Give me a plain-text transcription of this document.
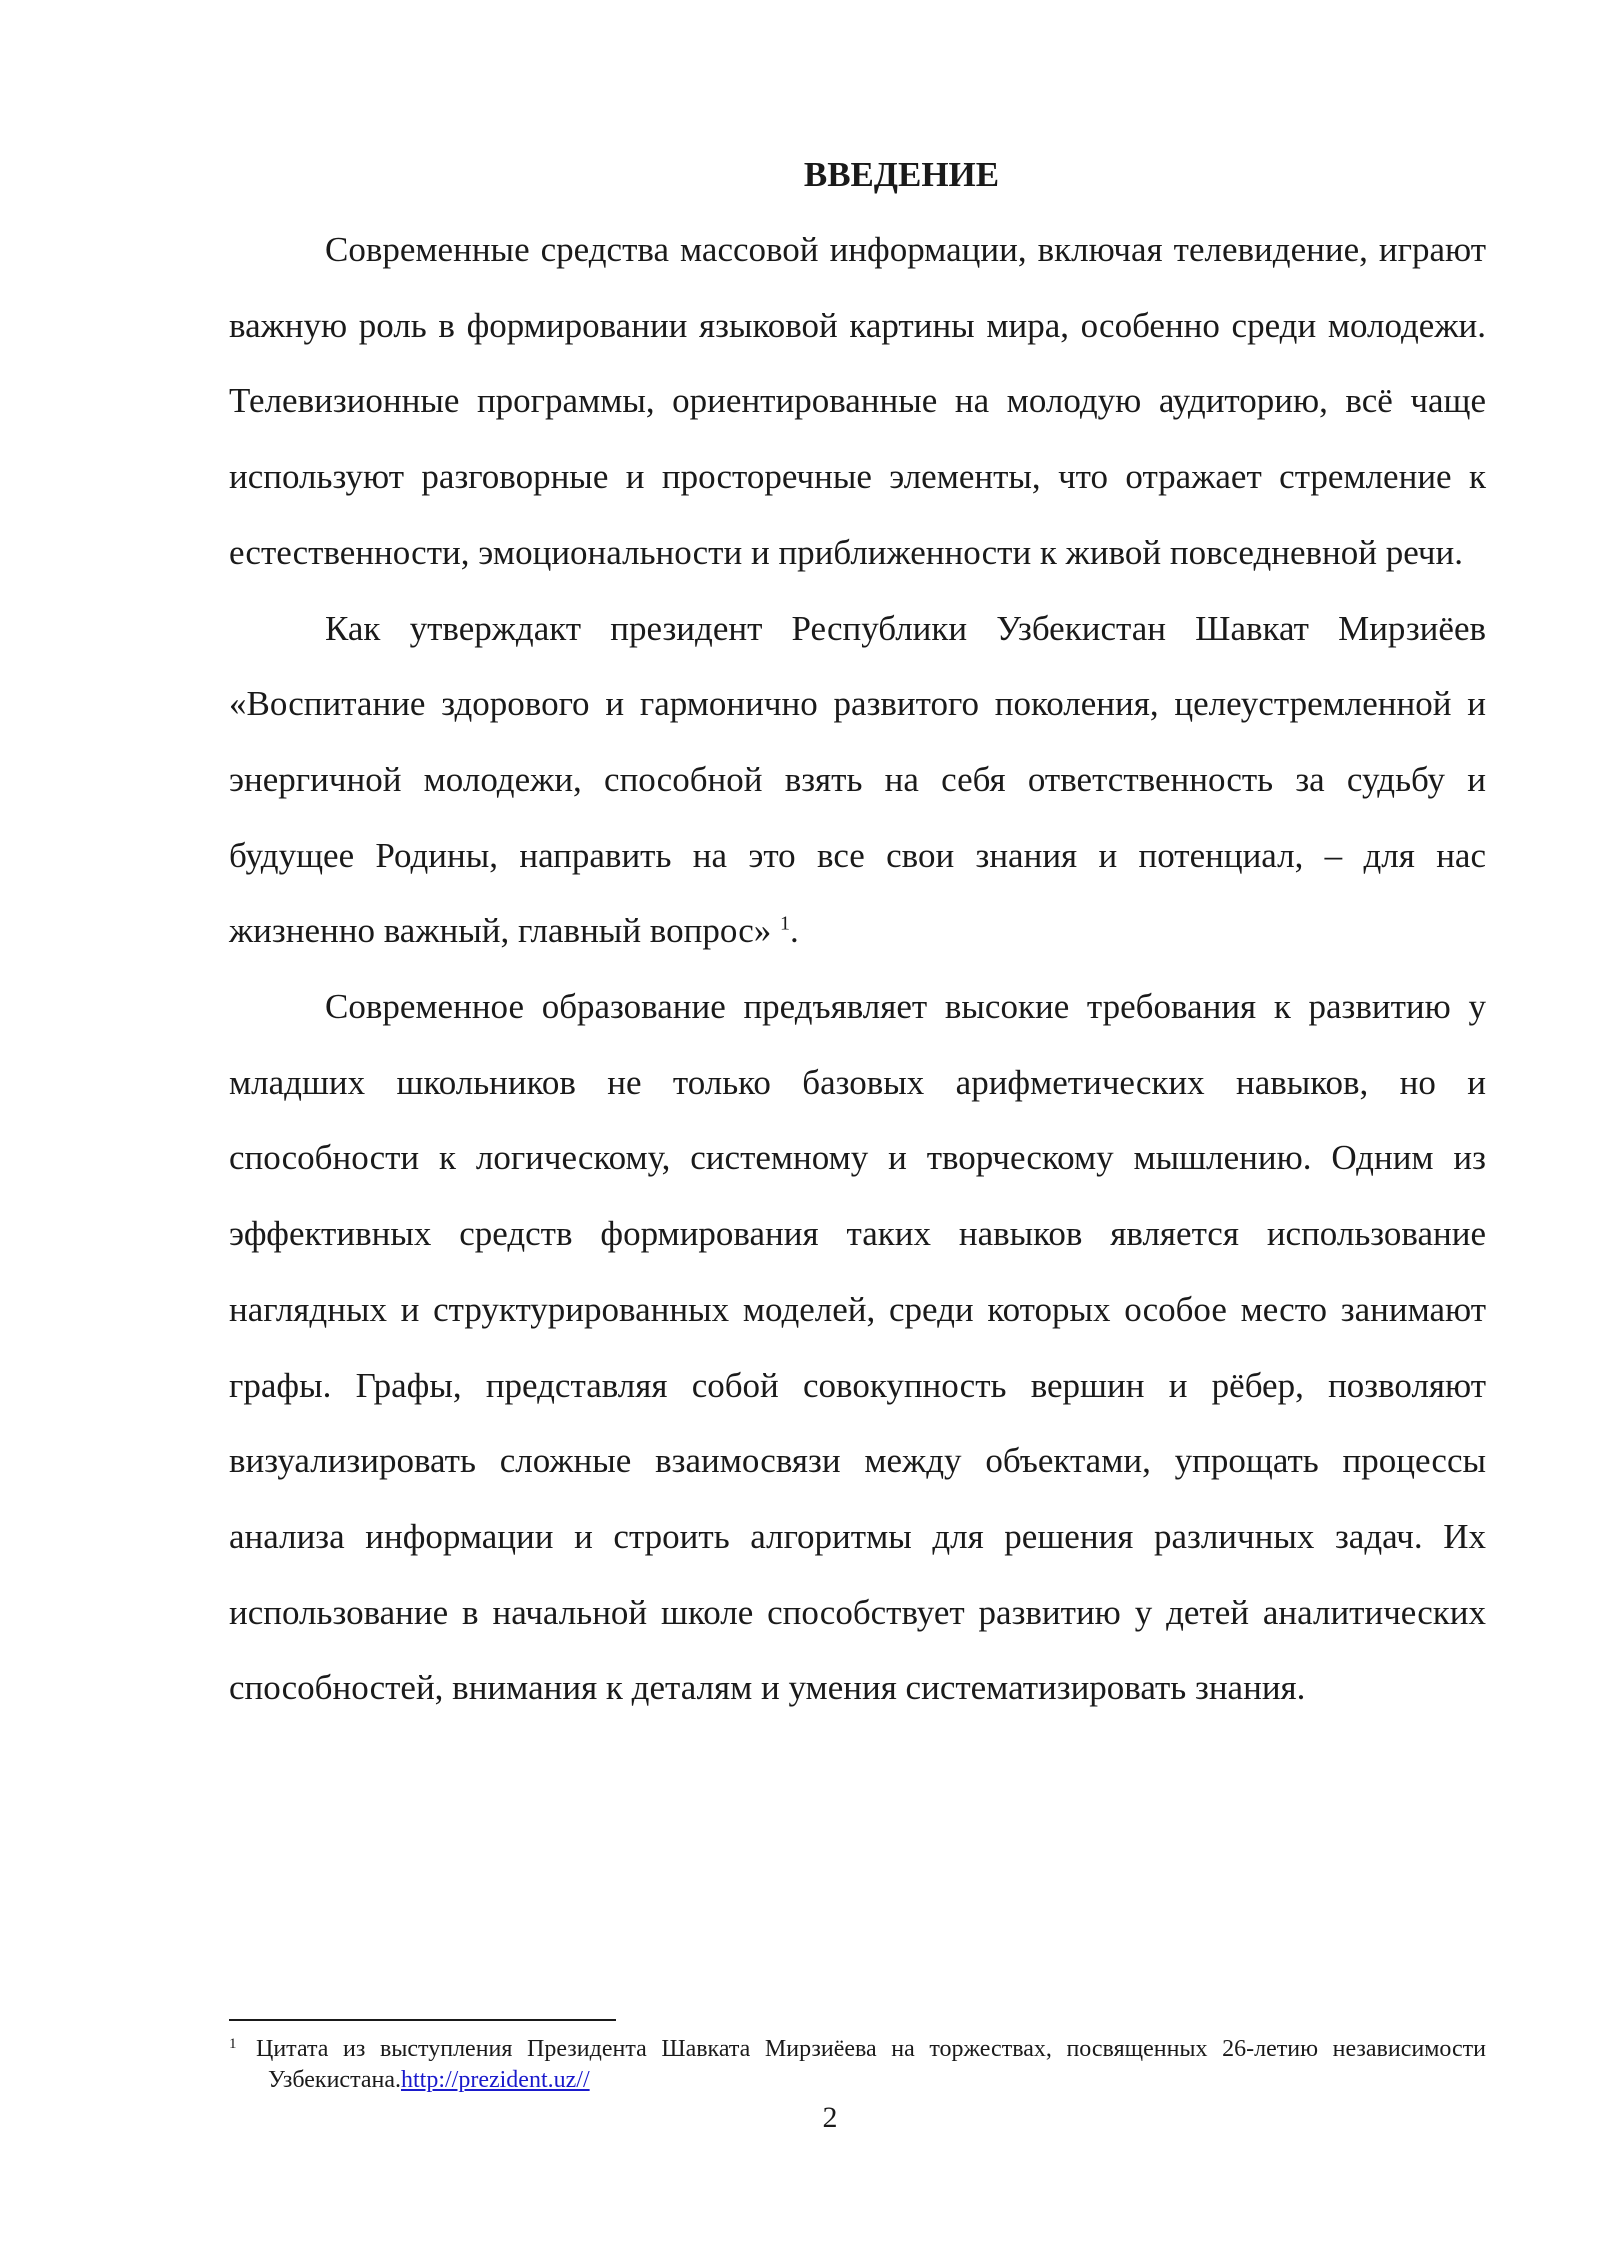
ВВЕДЕНИЕ

Современные средства массовой информации, включая телевидение, играют важную роль в формировании языковой картины мира, особенно среди молодежи. Телевизионные программы, ориентированные на молодую аудиторию, всё чаще используют разговорные и просторечные элементы, что отражает стремление к естественности, эмоциональности и приближенности к живой повседневной речи.

Как утверждакт президент Республики Узбекистан Шавкат Мирзиёев «Воспитание здорового и гармонично развитого поколения, целеустремленной и энергичной молодежи, способной взять на себя ответственность за судьбу и будущее Родины, направить на это все свои знания и потенциал, – для нас жизненно важный, главный вопрос» $^1$.

Современное образование предъявляет высокие требования к развитию у младших школьников не только базовых арифметических навыков, но и способности к логическому, системному и творческому мышлению. Одним из эффективных средств формирования таких навыков является использование наглядных и структурированных моделей, среди которых особое место занимают графы. Графы, представляя собой совокупность вершин и рёбер, позволяют визуализировать сложные взаимосвязи между объектами, упрощать процессы анализа информации и строить алгоритмы для решения различных задач. Их использование в начальной школе способствует развитию у детей аналитических способностей, внимания к деталям и умения систематизировать знания.

1 Цитата из выступления Президента Шавката Мирзиёева на торжествах, посвященных 26-летию независимости Узбекистана.http://prezident.uz//
2
